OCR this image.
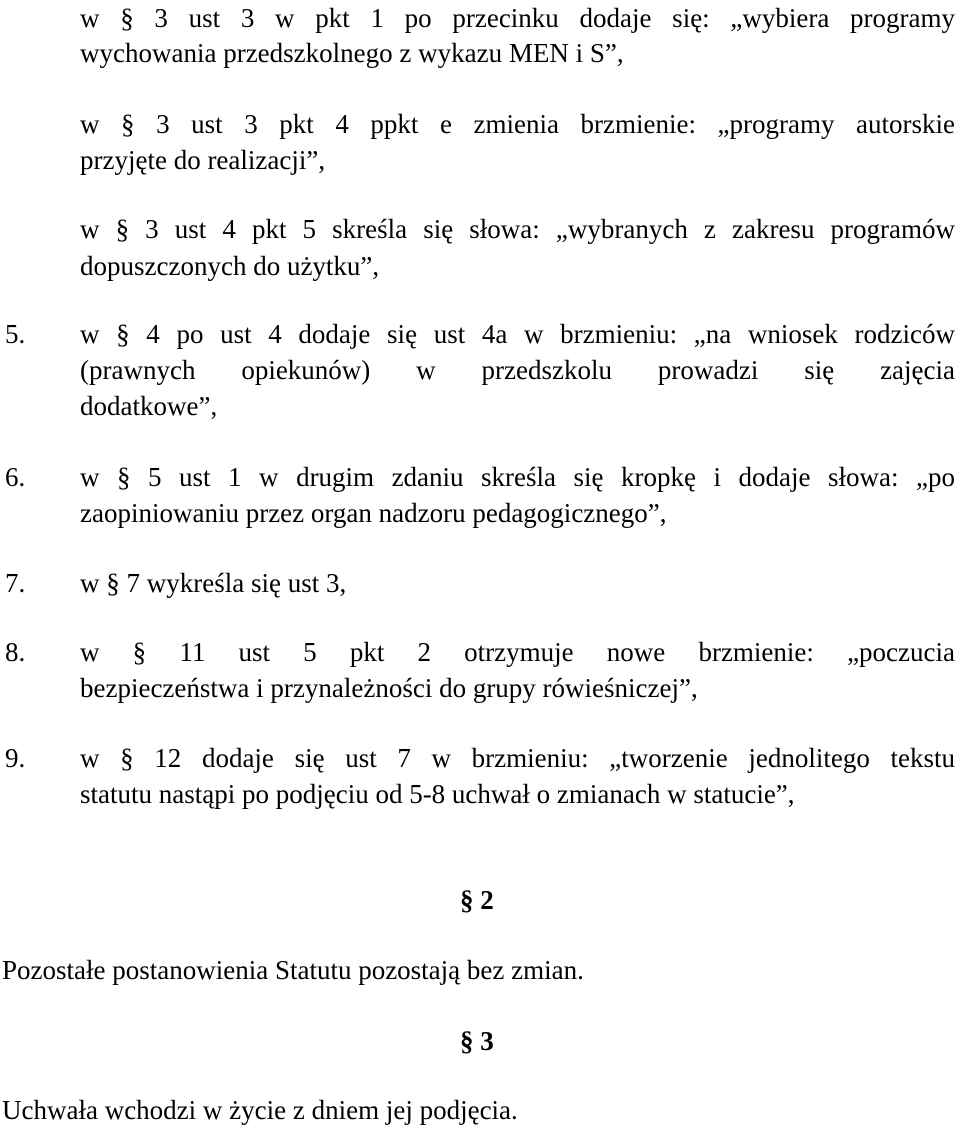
w § 3 ust 3 w pkt 1 po przecinku dodaje się: „wybiera programy
wychowania przedszkolnego z wykazu MEN i S”,
w § 3 ust 3 pkt 4 ppkt e zmienia brzmienie: „programy autorskie
przyjęte do realizacji”,
w § 3 ust 4 pkt 5 skreśla się słowa: „wybranych z zakresu programów
dopuszczonych do użytku”,
5. w § 4 po ust 4 dodaje się ust 4a w brzmieniu: „na wniosek rodziców
(prawnych opiekunów) w przedszkolu prowadzi się zajęcia
dodatkowe”,
6. w § 5 ust 1 w drugim zdaniu skreśla się kropkę i dodaje słowa: „po
zaopiniowaniu przez organ nadzoru pedagogicznego”,
7. w § 7 wykreśla się ust 3,
8. w § 11 ust 5 pkt 2 otrzymuje nowe brzmienie: „poczucia
bezpieczeństwa i przynależności do grupy rówieśniczej”,
9. w § 12 dodaje się ust 7 w brzmieniu: „tworzenie jednolitego tekstu
statutu nastąpi po podjęciu od 5-8 uchwał o zmianach w statucie”,
§ 2
Pozostałe postanowienia Statutu pozostają bez zmian.
§ 3
Uchwała wchodzi w życie z dniem jej podjęcia.
